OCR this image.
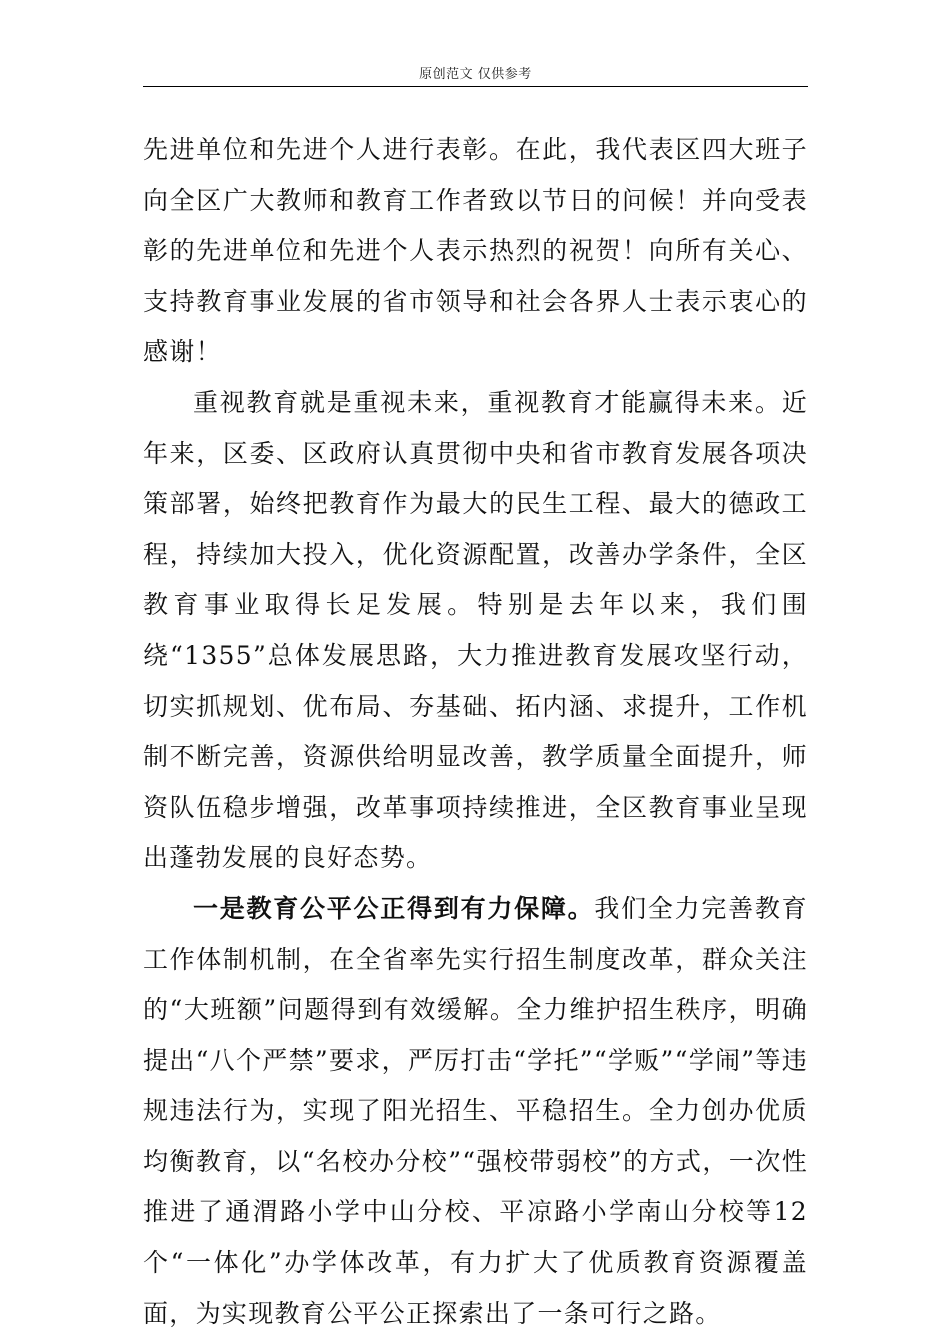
原创范文 仅供参考

先进单位和先进个人进行表彰。在此，我代表区四大班子向全区广大教师和教育工作者致以节日的问候！并向受表彰的先进单位和先进个人表示热烈的祝贺！向所有关心、支持教育事业发展的省市领导和社会各界人士表示衷心的感谢！

重视教育就是重视未来，重视教育才能赢得未来。近年来，区委、区政府认真贯彻中央和省市教育发展各项决策部署，始终把教育作为最大的民生工程、最大的德政工程，持续加大投入，优化资源配置，改善办学条件，全区教育事业取得长足发展。特别是去年以来，我们围绕“1355”总体发展思路，大力推进教育发展攻坚行动，切实抓规划、优布局、夯基础、拓内涵、求提升，工作机制不断完善，资源供给明显改善，教学质量全面提升，师资队伍稳步增强，改革事项持续推进，全区教育事业呈现出蓬勃发展的良好态势。

一是教育公平公正得到有力保障。我们全力完善教育工作体制机制，在全省率先实行招生制度改革，群众关注的“大班额”问题得到有效缓解。全力维护招生秩序，明确提出“八个严禁”要求，严厉打击“学托”“学贩”“学闹”等违规违法行为，实现了阳光招生、平稳招生。全力创办优质均衡教育，以“名校办分校”“强校带弱校”的方式，一次性推进了通渭路小学中山分校、平凉路小学南山分校等12个“一体化”办学体改革，有力扩大了优质教育资源覆盖面，为实现教育公平公正探索出了一条可行之路。
